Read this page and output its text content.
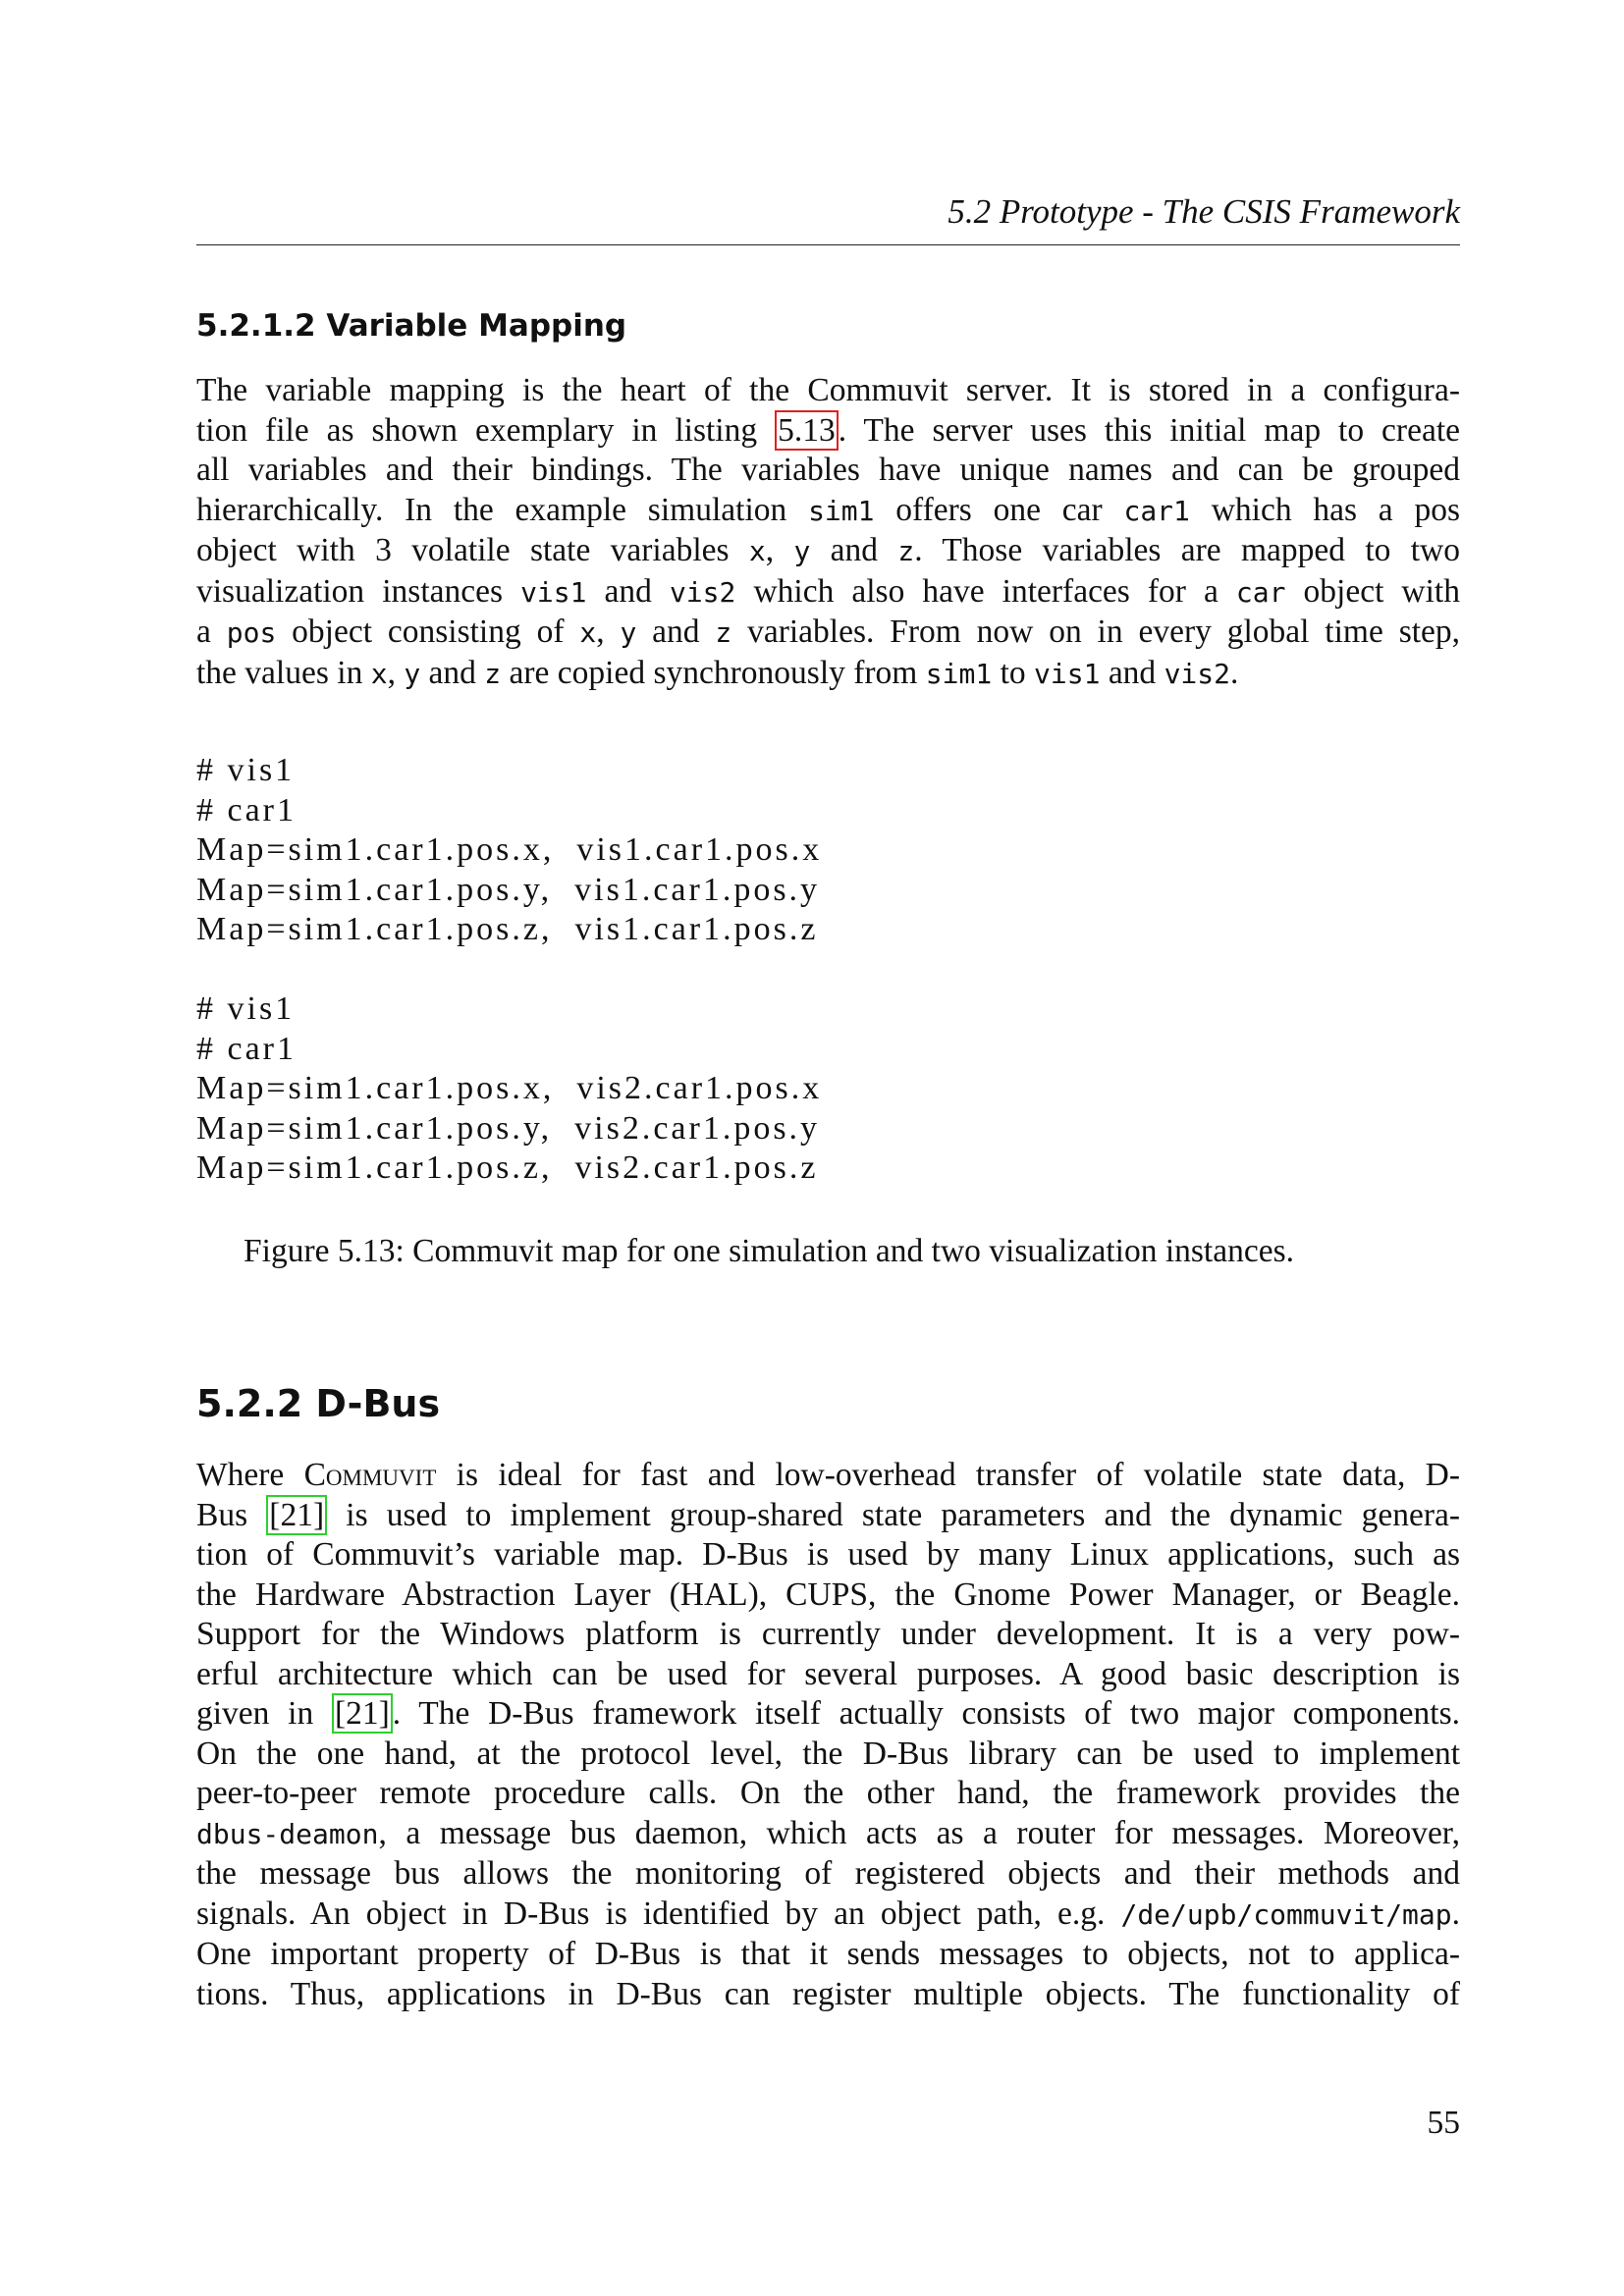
5.2 Prototype - The CSIS Framework
5.2.1.2 Variable Mapping
The variable mapping is the heart of the Commuvit server. It is stored in a configura-
tion file as shown exemplary in listing 5.13. The server uses this initial map to create
all variables and their bindings. The variables have unique names and can be grouped
hierarchically. In the example simulation sim1 offers one car car1 which has a pos
object with 3 volatile state variables x, y and z. Those variables are mapped to two
visualization instances vis1 and vis2 which also have interfaces for a car object with
a pos object consisting of x, y and z variables. From now on in every global time step,
the values in x, y and z are copied synchronously from sim1 to vis1 and vis2.
# vis1
# car1
Map=sim1.car1.pos.x,  vis1.car1.pos.x
Map=sim1.car1.pos.y,  vis1.car1.pos.y
Map=sim1.car1.pos.z,  vis1.car1.pos.z
# vis1
# car1
Map=sim1.car1.pos.x,  vis2.car1.pos.x
Map=sim1.car1.pos.y,  vis2.car1.pos.y
Map=sim1.car1.pos.z,  vis2.car1.pos.z
Figure 5.13: Commuvit map for one simulation and two visualization instances.
5.2.2 D-Bus
Where Commuvit is ideal for fast and low-overhead transfer of volatile state data, D-
Bus [21] is used to implement group-shared state parameters and the dynamic genera-
tion of Commuvit’s variable map. D-Bus is used by many Linux applications, such as
the Hardware Abstraction Layer (HAL), CUPS, the Gnome Power Manager, or Beagle.
Support for the Windows platform is currently under development. It is a very pow-
erful architecture which can be used for several purposes. A good basic description is
given in [21]. The D-Bus framework itself actually consists of two major components.
On the one hand, at the protocol level, the D-Bus library can be used to implement
peer-to-peer remote procedure calls. On the other hand, the framework provides the
dbus-deamon, a message bus daemon, which acts as a router for messages. Moreover,
the message bus allows the monitoring of registered objects and their methods and
signals. An object in D-Bus is identified by an object path, e.g. /de/upb/commuvit/map.
One important property of D-Bus is that it sends messages to objects, not to applica-
tions. Thus, applications in D-Bus can register multiple objects. The functionality of
55
